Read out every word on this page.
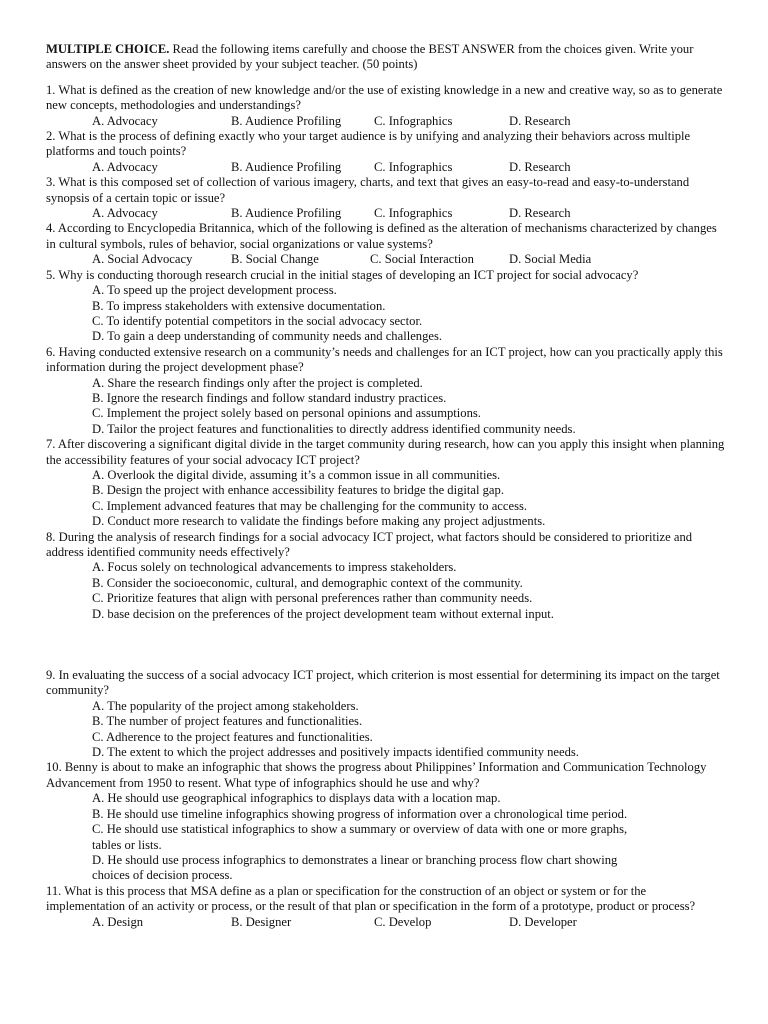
MULTIPLE CHOICE. Read the following items carefully and choose the BEST ANSWER from the choices given. Write your answers on the answer sheet provided by your subject teacher. (50 points)

1. What is defined as the creation of new knowledge and/or the use of existing knowledge in a new and creative way, so as to generate new concepts, methodologies and understandings?

A. Advocacy	B. Audience Profiling	C. Infographics	D. Research

2. What is the process of defining exactly who your target audience is by unifying and analyzing their behaviors across multiple platforms and touch points?

A. Advocacy	B. Audience Profiling	C. Infographics	D. Research

3. What is this composed set of collection of various imagery, charts, and text that gives an easy-to-read and easy-to-understand synopsis of a certain topic or issue?

A. Advocacy	B. Audience Profiling	C. Infographics	D. Research

4. According to Encyclopedia Britannica, which of the following is defined as the alteration of mechanisms characterized by changes in cultural symbols, rules of behavior, social organizations or value systems?

A. Social Advocacy	B. Social Change	C. Social Interaction	D. Social Media

5. Why is conducting thorough research crucial in the initial stages of developing an ICT project for social advocacy?

A. To speed up the project development process.
B. To impress stakeholders with extensive documentation.
C. To identify potential competitors in the social advocacy sector.
D. To gain a deep understanding of community needs and challenges.

6. Having conducted extensive research on a community’s needs and challenges for an ICT project, how can you practically apply this information during the project development phase?

A. Share the research findings only after the project is completed.
B. Ignore the research findings and follow standard industry practices.
C. Implement the project solely based on personal opinions and assumptions.
D. Tailor the project features and functionalities to directly address identified community needs.

7. After discovering a significant digital divide in the target community during research, how can you apply this insight when planning the accessibility features of your social advocacy ICT project?

A. Overlook the digital divide, assuming it’s a common issue in all communities.
B. Design the project with enhance accessibility features to bridge the digital gap.
C. Implement advanced features that may be challenging for the community to access.
D. Conduct more research to validate the findings before making any project adjustments.

8. During the analysis of research findings for a social advocacy ICT project, what factors should be considered to prioritize and address identified community needs effectively?

A. Focus solely on technological advancements to impress stakeholders.
B. Consider the socioeconomic, cultural, and demographic context of the community.
C. Prioritize features that align with personal preferences rather than community needs.
D. base decision on the preferences of the project development team without external input.

9. In evaluating the success of a social advocacy ICT project, which criterion is most essential for determining its impact on the target community?

A. The popularity of the project among stakeholders.
B. The number of project features and functionalities.
C. Adherence to the project features and functionalities.
D. The extent to which the project addresses and positively impacts identified community needs.

10. Benny is about to make an infographic that shows the progress about Philippines’ Information and Communication Technology Advancement from 1950 to resent. What type of infographics should he use and why?

A. He should use geographical infographics to displays data with a location map.
B. He should use timeline infographics showing progress of information over a chronological time period.
C. He should use statistical infographics to show a summary or overview of data with one or more graphs,
tables or lists.
D. He should use process infographics to demonstrates a linear or branching process flow chart showing
choices of decision process.

11. What is this process that MSA define as a plan or specification for the construction of an object or system or for the implementation of an activity or process, or the result of that plan or specification in the form of a prototype, product or process?

A. Design	B. Designer	C. Develop	D. Developer
